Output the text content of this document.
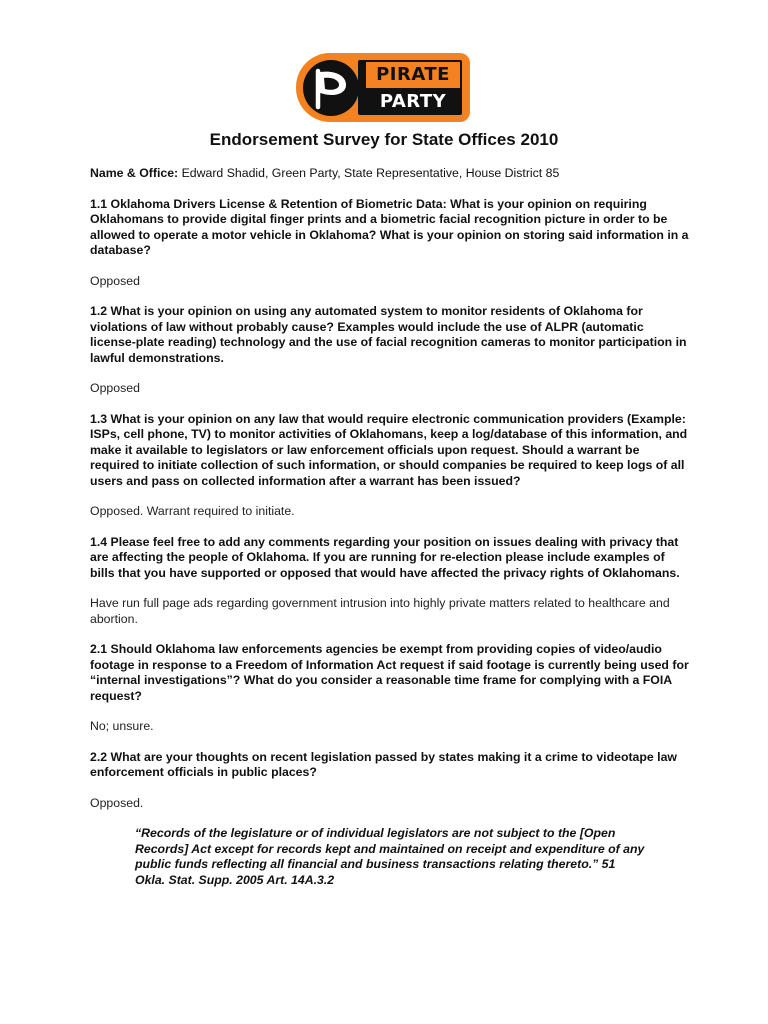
PIRATE
PARTY
Endorsement Survey for State Offices 2010

Name & Office: Edward Shadid, Green Party, State Representative, House District 85

1.1 Oklahoma Drivers License & Retention of Biometric Data: What is your opinion on requiring Oklahomans to provide digital finger prints and a biometric facial recognition picture in order to be allowed to operate a motor vehicle in Oklahoma? What is your opinion on storing said information in a database?

Opposed

1.2 What is your opinion on using any automated system to monitor residents of Oklahoma for violations of law without probably cause? Examples would include the use of ALPR (automatic license-plate reading) technology and the use of facial recognition cameras to monitor participation in lawful demonstrations.

Opposed

1.3 What is your opinion on any law that would require electronic communication providers (Example: ISPs, cell phone, TV) to monitor activities of Oklahomans, keep a log/database of this information, and make it available to legislators or law enforcement officials upon request. Should a warrant be required to initiate collection of such information, or should companies be required to keep logs of all users and pass on collected information after a warrant has been issued?

Opposed. Warrant required to initiate.

1.4 Please feel free to add any comments regarding your position on issues dealing with privacy that are affecting the people of Oklahoma. If you are running for re-election please include examples of bills that you have supported or opposed that would have affected the privacy rights of Oklahomans.

Have run full page ads regarding government intrusion into highly private matters related to healthcare and abortion.

2.1 Should Oklahoma law enforcements agencies be exempt from providing copies of video/audio footage in response to a Freedom of Information Act request if said footage is currently being used for “internal investigations”? What do you consider a reasonable time frame for complying with a FOIA request?

No; unsure.

2.2 What are your thoughts on recent legislation passed by states making it a crime to videotape law enforcement officials in public places?

Opposed.

“Records of the legislature or of individual legislators are not subject to the [Open Records] Act except for records kept and maintained on receipt and expenditure of any public funds reflecting all financial and business transactions relating thereto.” 51 Okla. Stat. Supp. 2005 Art. 14A.3.2
